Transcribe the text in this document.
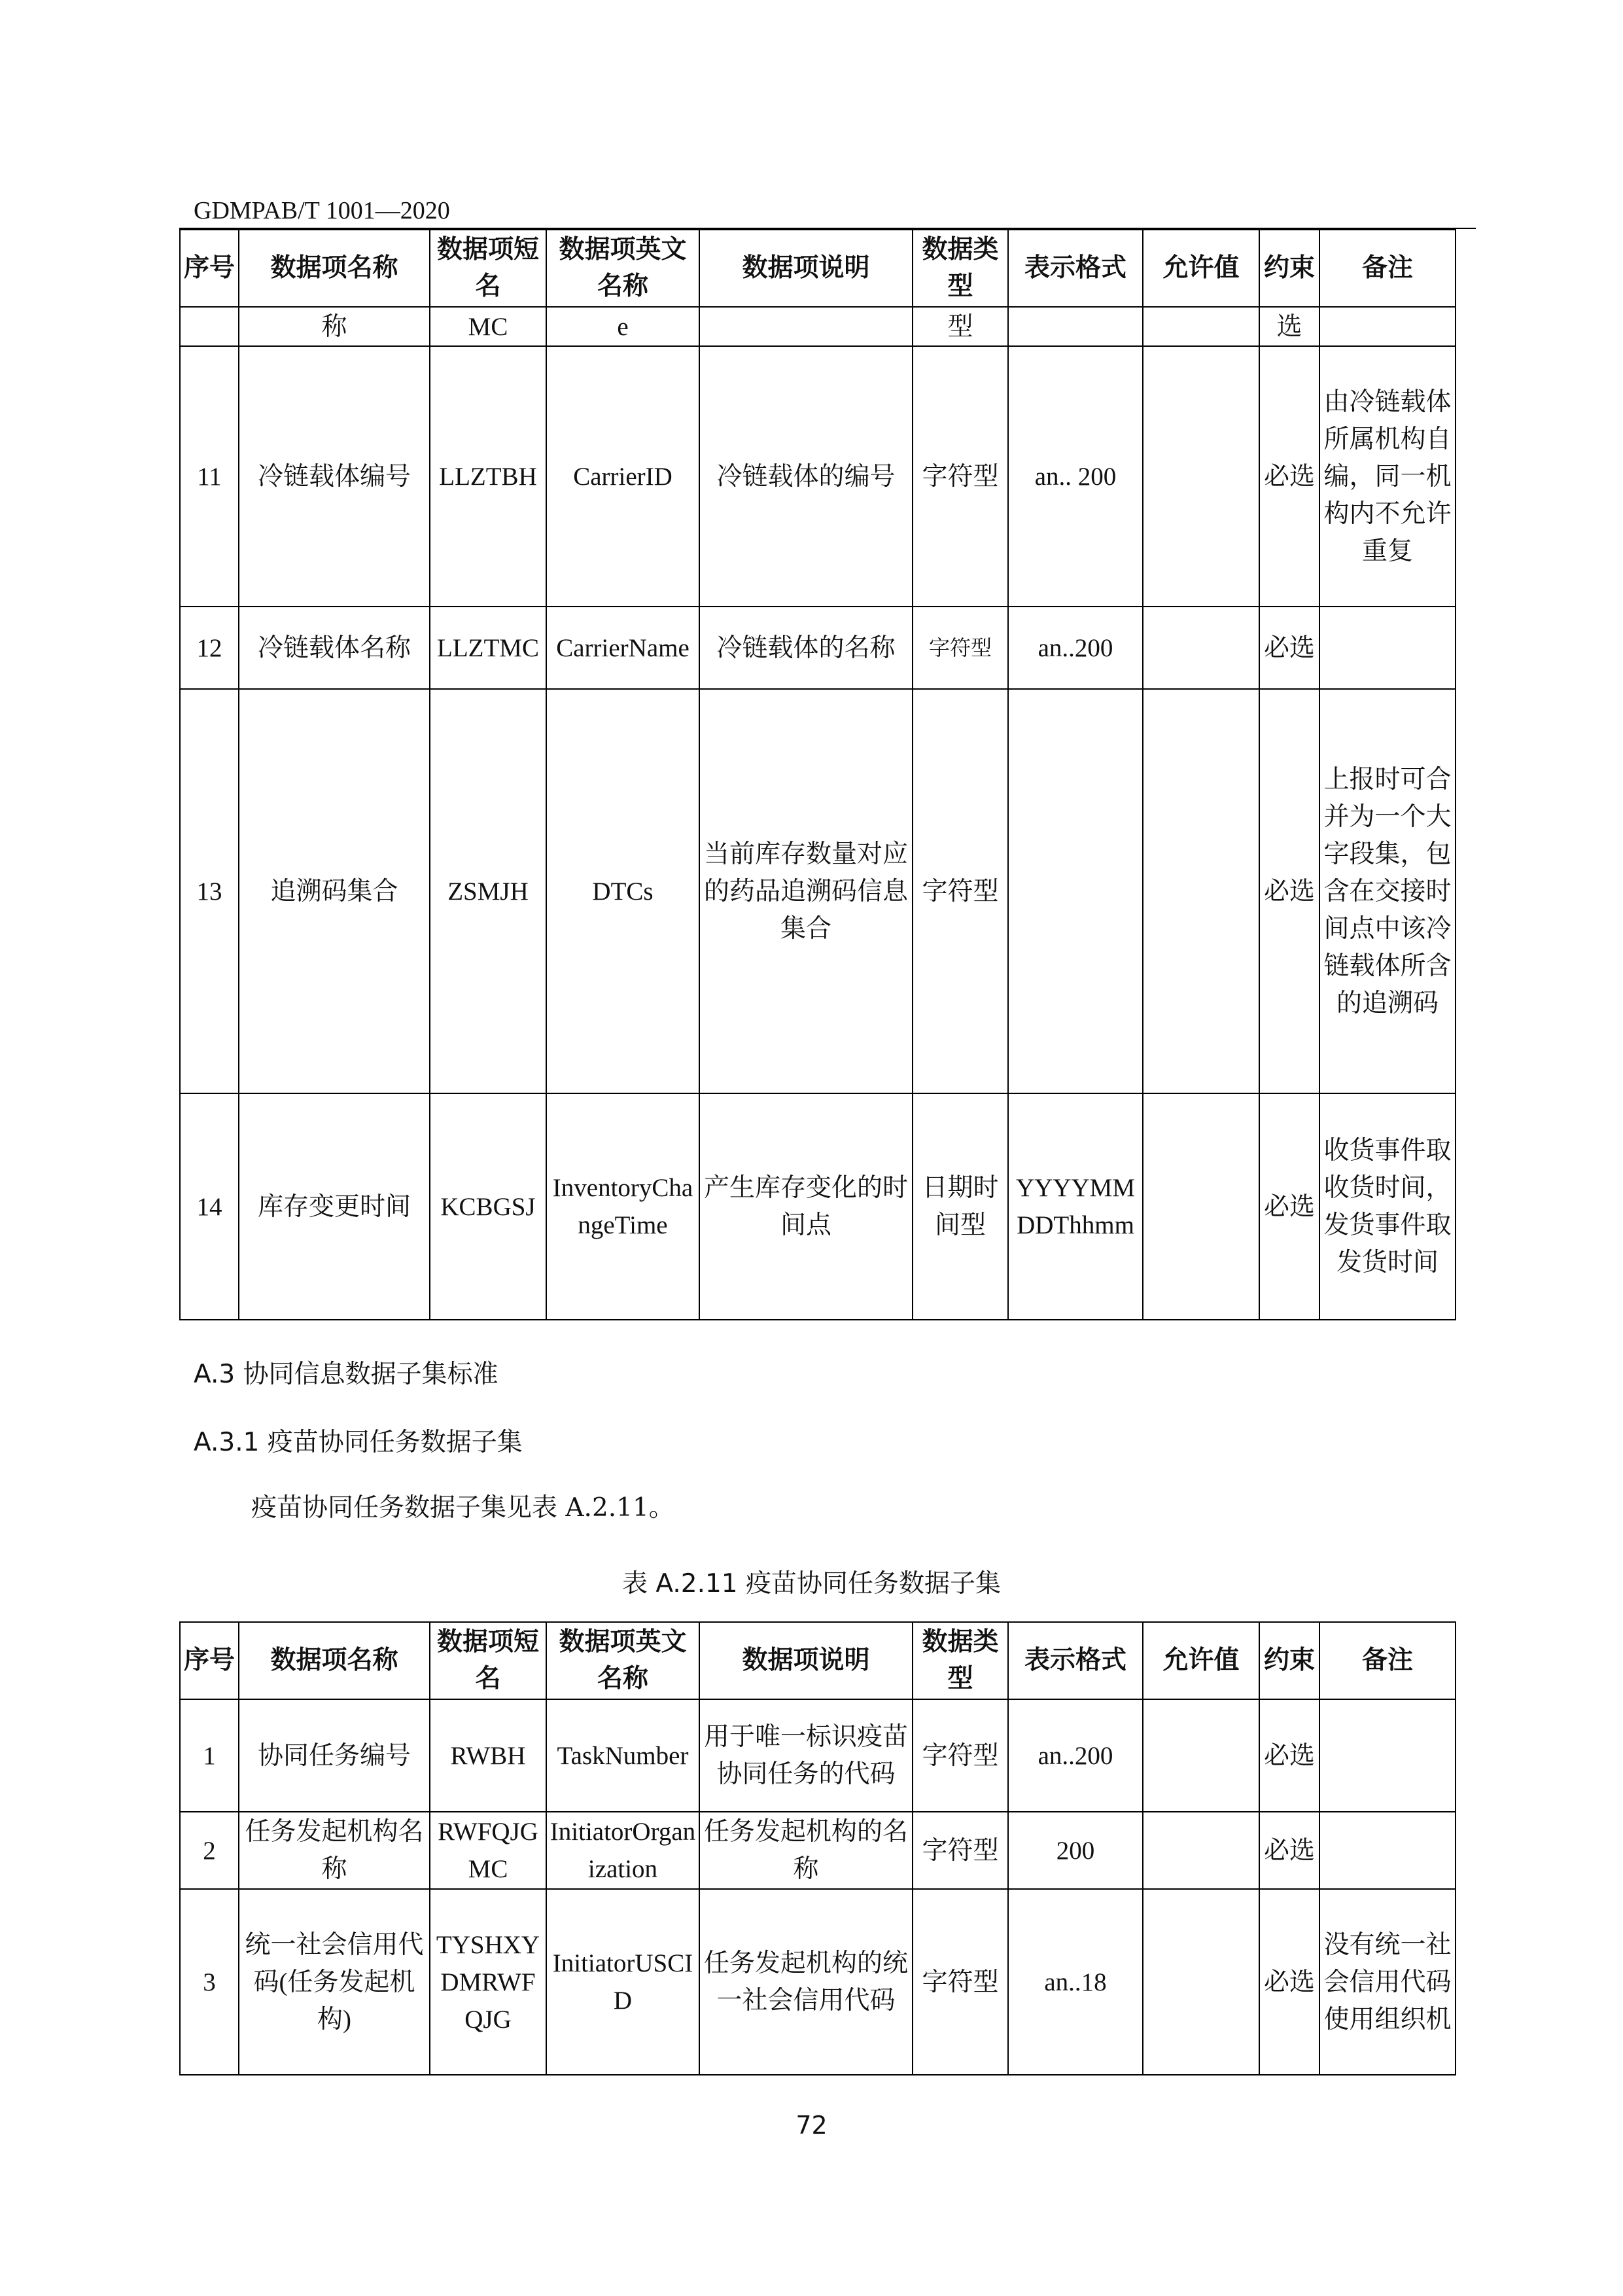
GDMPAB/T 1001—2020
序号	数据项名称	数据项短名	数据项英文名称	数据项说明	数据类型	表示格式	允许值	约束	备注
	称	MC	e		型			选	
11	冷链载体编号	LLZTBH	CarrierID	冷链载体的编号	字符型	an.. 200		必选	由冷链载体所属机构自编，同一机构内不允许重复
12	冷链载体名称	LLZTMC	CarrierName	冷链载体的名称	字符型	an..200		必选	
13	追溯码集合	ZSMJH	DTCs	当前库存数量对应的药品追溯码信息集合	字符型			必选	上报时可合并为一个大字段集，包含在交接时间点中该冷链载体所含的追溯码
14	库存变更时间	KCBGSJ	InventoryChangeTime	产生库存变化的时间点	日期时间型	YYYYMMDDThhmm		必选	收货事件取收货时间，发货事件取发货时间
A.3 协同信息数据子集标准
A.3.1 疫苗协同任务数据子集
疫苗协同任务数据子集见表 A.2.11。
表 A.2.11 疫苗协同任务数据子集
序号	数据项名称	数据项短名	数据项英文名称	数据项说明	数据类型	表示格式	允许值	约束	备注
1	协同任务编号	RWBH	TaskNumber	用于唯一标识疫苗协同任务的代码	字符型	an..200		必选	
2	任务发起机构名称	RWFQJGMC	InitiatorOrganization	任务发起机构的名称	字符型	200		必选	
3	统一社会信用代码(任务发起机构)	TYSHXYDMRWFQJG	InitiatorUSCID	任务发起机构的统一社会信用代码	字符型	an..18		必选	没有统一社会信用代码使用组织机
72
